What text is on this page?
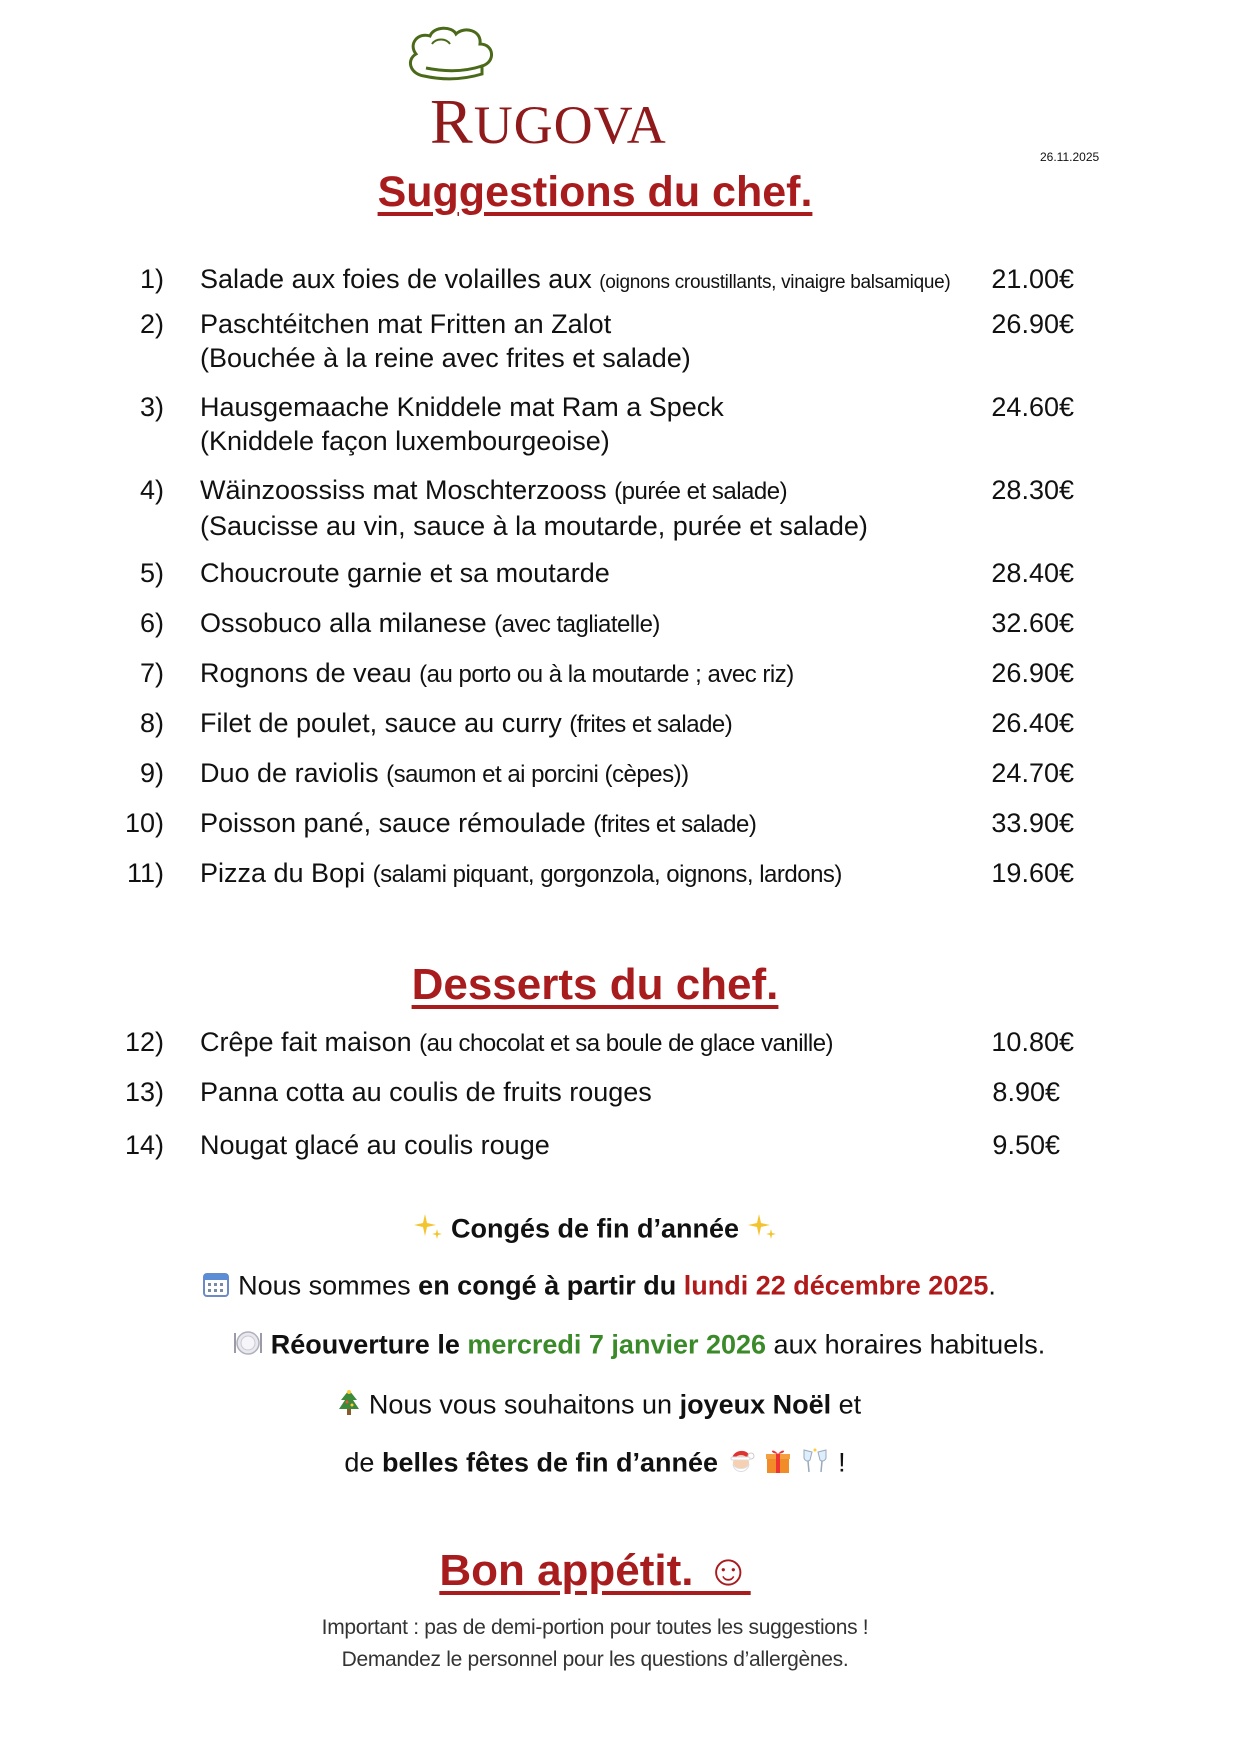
RUGOVA
26.11.2025
Suggestions du chef.
1)	Salade aux foies de volailles aux (oignons croustillants, vinaigre balsamique)	21.00€
2)	Paschtéitchen mat Fritten an Zalot
(Bouchée à la reine avec frites et salade)
26.90€
3)	Hausgemaache Kniddele mat Ram a Speck
(Kniddele façon luxembourgeoise)
24.60€
4)	Wäinzoossiss mat Moschterzooss (purée et salade)
(Saucisse au vin, sauce à la moutarde, purée et salade)
28.30€
5)	Choucroute garnie et sa moutarde	28.40€
6)	Ossobuco alla milanese (avec tagliatelle)	32.60€
7)	Rognons de veau (au porto ou à la moutarde ; avec riz)	26.90€
8)	Filet de poulet, sauce au curry (frites et salade)	26.40€
9)	Duo de raviolis (saumon et ai porcini (cèpes))	24.70€
10)	Poisson pané, sauce rémoulade (frites et salade)	33.90€
11)	Pizza du Bopi (salami piquant, gorgonzola, oignons, lardons)	19.60€
Desserts du chef.
12)	Crêpe fait maison (au chocolat et sa boule de glace vanille)	10.80€
13)	Panna cotta au coulis de fruits rouges	8.90€
14)	Nougat glacé au coulis rouge	9.50€
Congés de fin d’année
Nous sommes en congé à partir du lundi 22 décembre 2025.
Réouverture le mercredi 7 janvier 2026 aux horaires habituels.
Nous vous souhaitons un joyeux Noël et
de belles fêtes de fin d’année	!
Bon appétit. ☺
Important : pas de demi-portion pour toutes les suggestions !
Demandez le personnel pour les questions d’allergènes.
